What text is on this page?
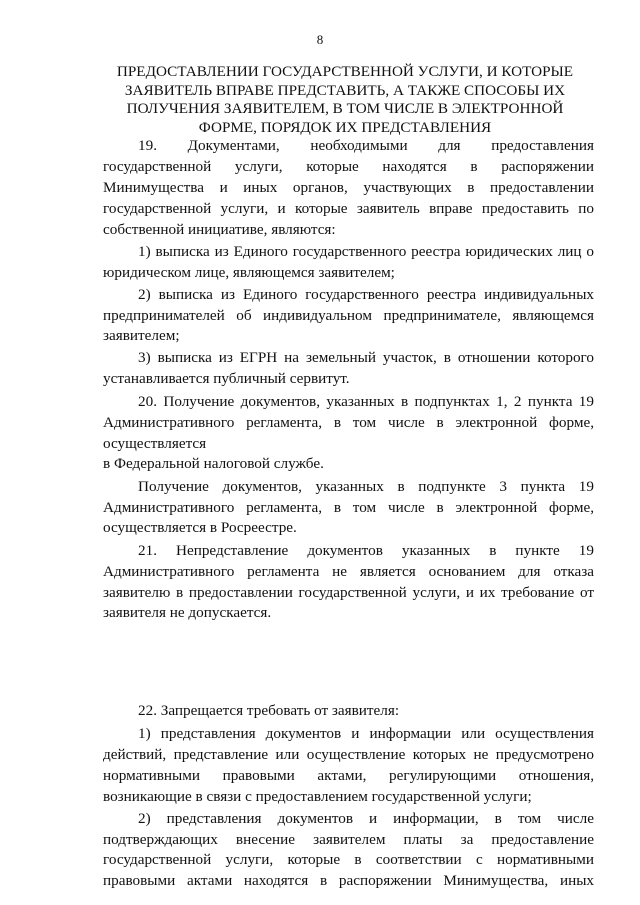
8
ПРЕДОСТАВЛЕНИИ ГОСУДАРСТВЕННОЙ УСЛУГИ, И КОТОРЫЕ
ЗАЯВИТЕЛЬ ВПРАВЕ ПРЕДСТАВИТЬ, А ТАКЖЕ СПОСОБЫ ИХ
ПОЛУЧЕНИЯ ЗАЯВИТЕЛЕМ, В ТОМ ЧИСЛЕ В ЭЛЕКТРОННОЙ
ФОРМЕ, ПОРЯДОК ИХ ПРЕДСТАВЛЕНИЯ
19. Документами, необходимыми для предоставления
государственной услуги, которые находятся в распоряжении
Минимущества и иных органов, участвующих в предоставлении
государственной услуги, и которые заявитель вправе предоставить по
собственной инициативе, являются:
1) выписка из Единого государственного реестра юридических лиц о
юридическом лице, являющемся заявителем;
2) выписка из Единого государственного реестра индивидуальных
предпринимателей об индивидуальном предпринимателе, являющемся
заявителем;
3) выписка из ЕГРН на земельный участок, в отношении которого
устанавливается публичный сервитут.
20. Получение документов, указанных в подпунктах 1, 2 пункта 19
Административного регламента, в том числе в электронной форме,
осуществляется
в Федеральной налоговой службе.
Получение документов, указанных в подпункте 3 пункта 19
Административного регламента, в том числе в электронной форме,
осуществляется в Росреестре.
21. Непредставление документов указанных в пункте 19
Административного регламента не является основанием для отказа
заявителю в предоставлении государственной услуги, и их требование от
заявителя не допускается.
22. Запрещается требовать от заявителя:
1) представления документов и информации или осуществления
действий, представление или осуществление которых не предусмотрено
нормативными правовыми актами, регулирующими отношения,
возникающие в связи с предоставлением государственной услуги;
2) представления документов и информации, в том числе
подтверждающих внесение заявителем платы за предоставление
государственной услуги, которые в соответствии с нормативными
правовыми актами находятся в распоряжении Минимущества, иных
